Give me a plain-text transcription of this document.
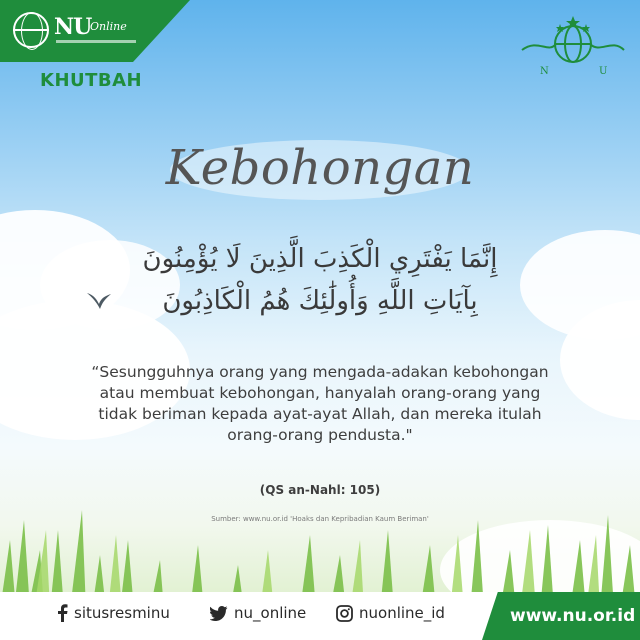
NU
Online
KHUTBAH	N	U
Kebohongan
إِنَّمَا يَفْتَرِي الْكَذِبَ الَّذِينَ لَا يُؤْمِنُونَ
بِآيَاتِ اللَّهِ وَأُولَٰئِكَ هُمُ الْكَاذِبُونَ
“Sesungguhnya orang yang mengada-adakan kebohongan
atau membuat kebohongan, hanyalah orang-orang yang
tidak beriman kepada ayat-ayat Allah, dan mereka itulah
orang-orang pendusta."
(QS an-Nahl: 105)
Sumber: www.nu.or.id 'Hoaks dan Kepribadian Kaum Beriman'
situsresminu	nu_online	nuonline_id	www.nu.or.id
